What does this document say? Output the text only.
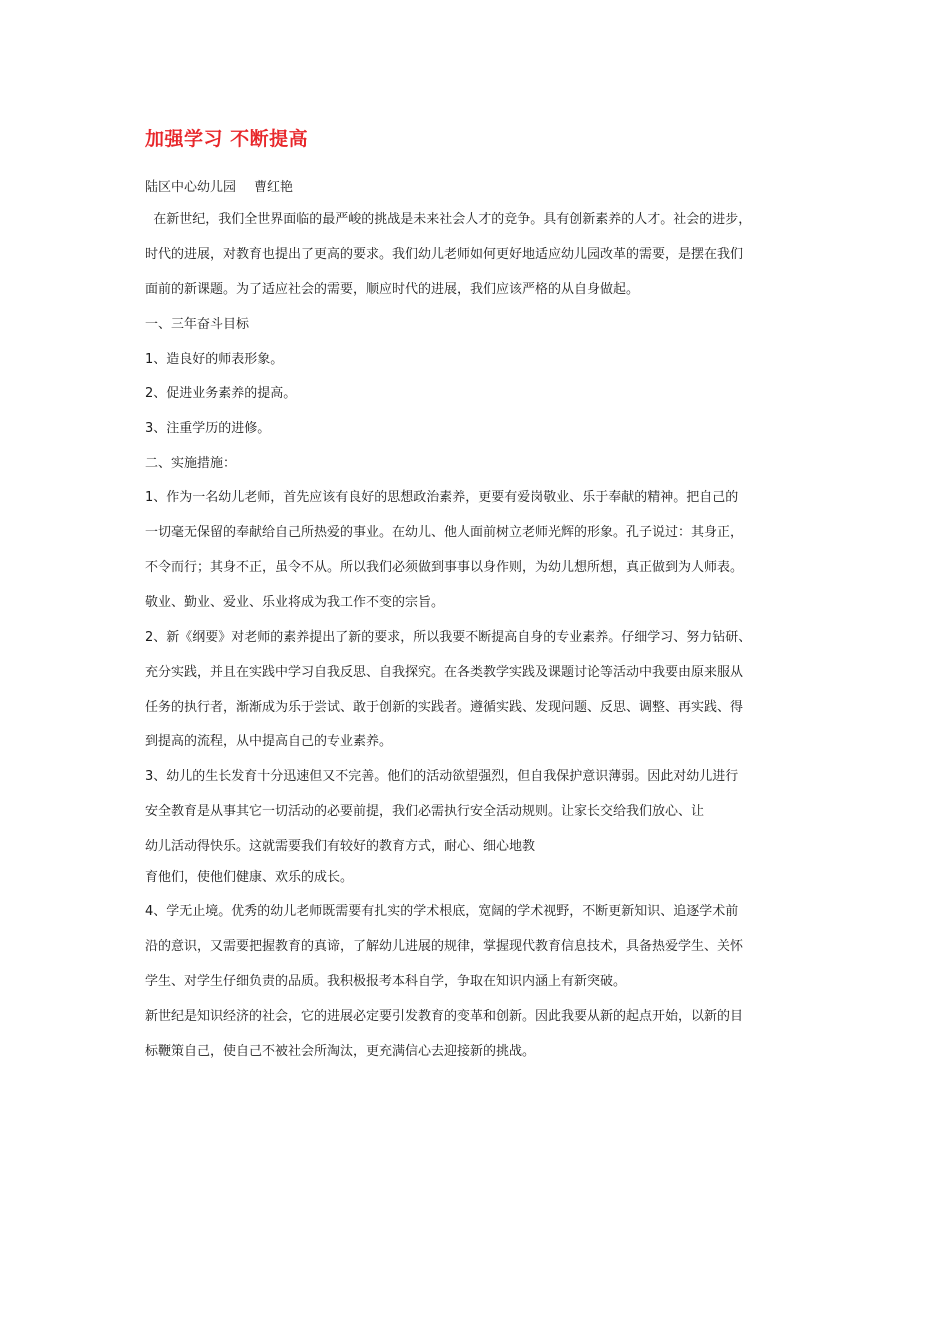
加强学习 不断提高
陆区中心幼儿园 曹红艳
在新世纪，我们全世界面临的最严峻的挑战是未来社会人才的竞争。具有创新素养的人才。社会的进步，
时代的进展，对教育也提出了更高的要求。我们幼儿老师如何更好地适应幼儿园改革的需要，是摆在我们
面前的新课题。为了适应社会的需要，顺应时代的进展，我们应该严格的从自身做起。
一、三年奋斗目标
1、造良好的师表形象。
2、促进业务素养的提高。
3、注重学历的进修。
二、实施措施：
1、作为一名幼儿老师，首先应该有良好的思想政治素养，更要有爱岗敬业、乐于奉献的精神。把自己的
一切毫无保留的奉献给自己所热爱的事业。在幼儿、他人面前树立老师光辉的形象。孔子说过：其身正，
不令而行；其身不正，虽令不从。所以我们必须做到事事以身作则，为幼儿想所想，真正做到为人师表。
敬业、勤业、爱业、乐业将成为我工作不变的宗旨。
2、新《纲要》对老师的素养提出了新的要求，所以我要不断提高自身的专业素养。仔细学习、努力钻研、
充分实践，并且在实践中学习自我反思、自我探究。在各类教学实践及课题讨论等活动中我要由原来服从
任务的执行者，渐渐成为乐于尝试、敢于创新的实践者。遵循实践、发现问题、反思、调整、再实践、得
到提高的流程，从中提高自己的专业素养。
3、幼儿的生长发育十分迅速但又不完善。他们的活动欲望强烈，但自我保护意识薄弱。因此对幼儿进行
安全教育是从事其它一切活动的必要前提，我们必需执行安全活动规则。让家长交给我们放心、让
幼儿活动得快乐。这就需要我们有较好的教育方式，耐心、细心地教
育他们，使他们健康、欢乐的成长。
4、学无止境。优秀的幼儿老师既需要有扎实的学术根底，宽阔的学术视野，不断更新知识、追逐学术前
沿的意识，又需要把握教育的真谛，了解幼儿进展的规律，掌握现代教育信息技术，具备热爱学生、关怀
学生、对学生仔细负责的品质。我积极报考本科自学，争取在知识内涵上有新突破。
新世纪是知识经济的社会，它的进展必定要引发教育的变革和创新。因此我要从新的起点开始，以新的目
标鞭策自己，使自己不被社会所淘汰，更充满信心去迎接新的挑战。
